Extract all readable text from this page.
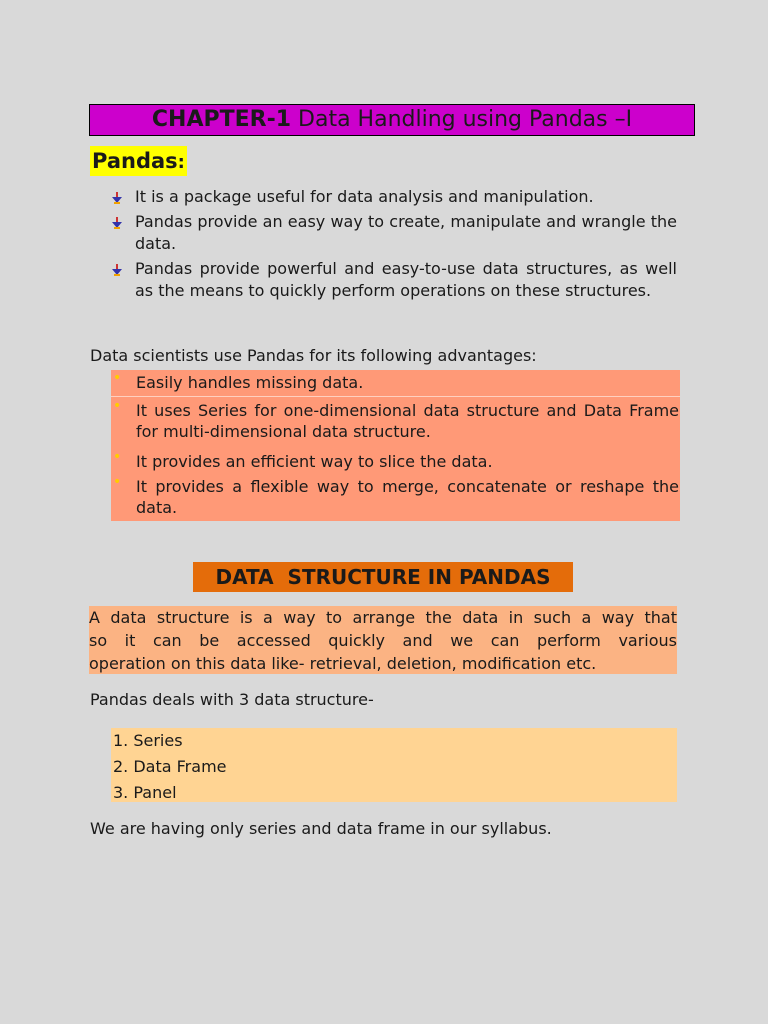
CHAPTER-1 Data Handling using Pandas –I
Pandas:
It is a package useful for data analysis and manipulation.
Pandas provide an easy way to create, manipulate and wrangle the data.
Pandas provide powerful and easy-to-use data structures, as well as the means to quickly perform operations on these structures.
Data scientists use Pandas for its following advantages:
• Easily handles missing data.
• It uses Series for one-dimensional data structure and Data Frame for multi-dimensional data structure.
• It provides an efficient way to slice the data.
• It provides a flexible way to merge, concatenate or reshape the data.
DATA  STRUCTURE IN PANDAS
A data structure is a way to arrange the data in such a way that
so it can be accessed quickly and we can perform various
operation on this data like- retrieval, deletion, modification etc.
Pandas deals with 3 data structure-
1. Series
2. Data Frame
3. Panel
We are having only series and data frame in our syllabus.
